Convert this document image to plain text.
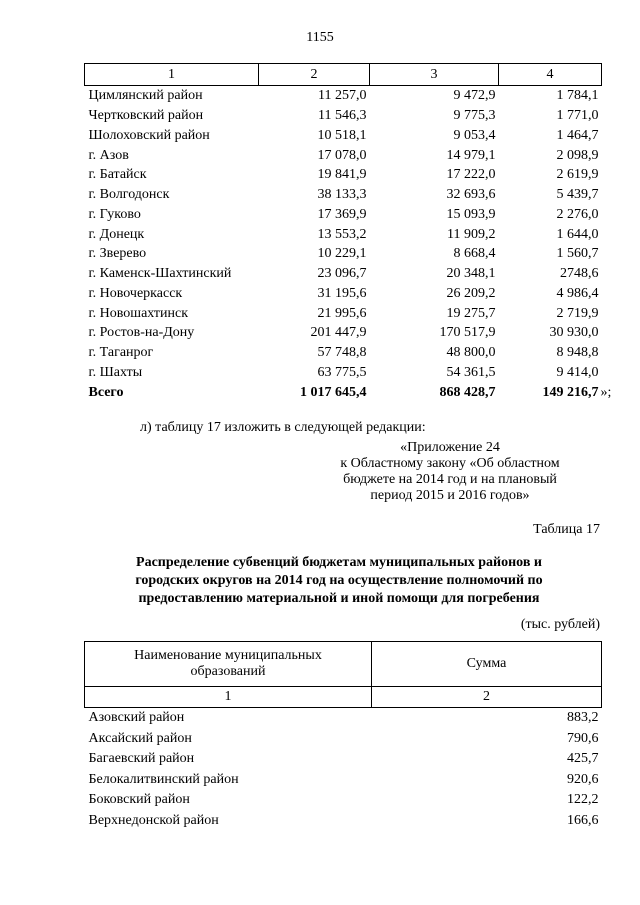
1155
1	2	3	4
Цимлянский район	11 257,0	9 472,9	1 784,1
Чертковский район	11 546,3	9 775,3	1 771,0
Шолоховский район	10 518,1	9 053,4	1 464,7
г. Азов	17 078,0	14 979,1	2 098,9
г. Батайск	19 841,9	17 222,0	2 619,9
г. Волгодонск	38 133,3	32 693,6	5 439,7
г. Гуково	17 369,9	15 093,9	2 276,0
г. Донецк	13 553,2	11 909,2	1 644,0
г. Зверево	10 229,1	8 668,4	1 560,7
г. Каменск-Шахтинский	23 096,7	20 348,1	2748,6
г. Новочеркасск	31 195,6	26 209,2	4 986,4
г. Новошахтинск	21 995,6	19 275,7	2 719,9
г. Ростов-на-Дону	201 447,9	170 517,9	30 930,0
г. Таганрог	57 748,8	48 800,0	8 948,8
г. Шахты	63 775,5	54 361,5	9 414,0
Всего	1 017 645,4	868 428,7	149 216,7 »;
л) таблицу 17 изложить в следующей редакции:
«Приложение 24
к Областному закону «Об областном
бюджете на 2014 год и на плановый
период 2015 и 2016 годов»
Таблица 17
Распределение субвенций бюджетам муниципальных районов и
городских округов на 2014 год на осуществление полномочий по
предоставлению материальной и иной помощи для погребения
(тыс. рублей)
Наименование муниципальных
образований	Сумма
1	2
Азовский район	883,2
Аксайский район	790,6
Багаевский район	425,7
Белокалитвинский район	920,6
Боковский район	122,2
Верхнедонской район	166,6
